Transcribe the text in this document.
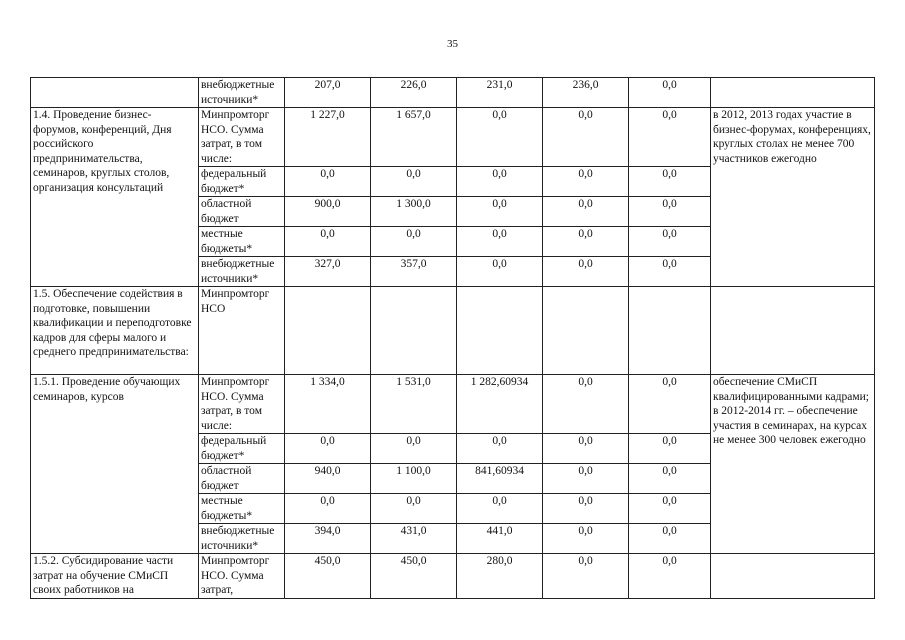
35
	внебюджетные источники*	207,0	226,0	231,0	236,0	0,0	
1.4. Проведение бизнес-форумов, конференций, Дня российского предпринимательства, семинаров, круглых столов, организация консультаций	Минпромторг НСО. Сумма затрат, в том числе:	1 227,0	1 657,0	0,0	0,0	0,0	в 2012, 2013 годах участие в бизнес-форумах, конференциях, круглых столах не менее 700 участников ежегодно
	федеральный бюджет*	0,0	0,0	0,0	0,0	0,0	
	областной бюджет	900,0	1 300,0	0,0	0,0	0,0	
	местные бюджеты*	0,0	0,0	0,0	0,0	0,0	
	внебюджетные источники*	327,0	357,0	0,0	0,0	0,0	
1.5. Обеспечение содействия в подготовке, повышении квалификации и переподготовке кадров для сферы малого и среднего предпринимательства:	Минпромторг НСО						
1.5.1. Проведение обучающих семинаров, курсов	Минпромторг НСО. Сумма затрат, в том числе:	1 334,0	1 531,0	1 282,60934	0,0	0,0	обеспечение СМиСП квалифицированными кадрами; в 2012-2014 гг. – обеспечение участия в семинарах, на курсах не менее 300 человек ежегодно
	федеральный бюджет*	0,0	0,0	0,0	0,0	0,0	
	областной бюджет	940,0	1 100,0	841,60934	0,0	0,0	
	местные бюджеты*	0,0	0,0	0,0	0,0	0,0	
	внебюджетные источники*	394,0	431,0	441,0	0,0	0,0	
1.5.2. Субсидирование части затрат на обучение СМиСП своих работников на	Минпромторг НСО. Сумма затрат,	450,0	450,0	280,0	0,0	0,0	
